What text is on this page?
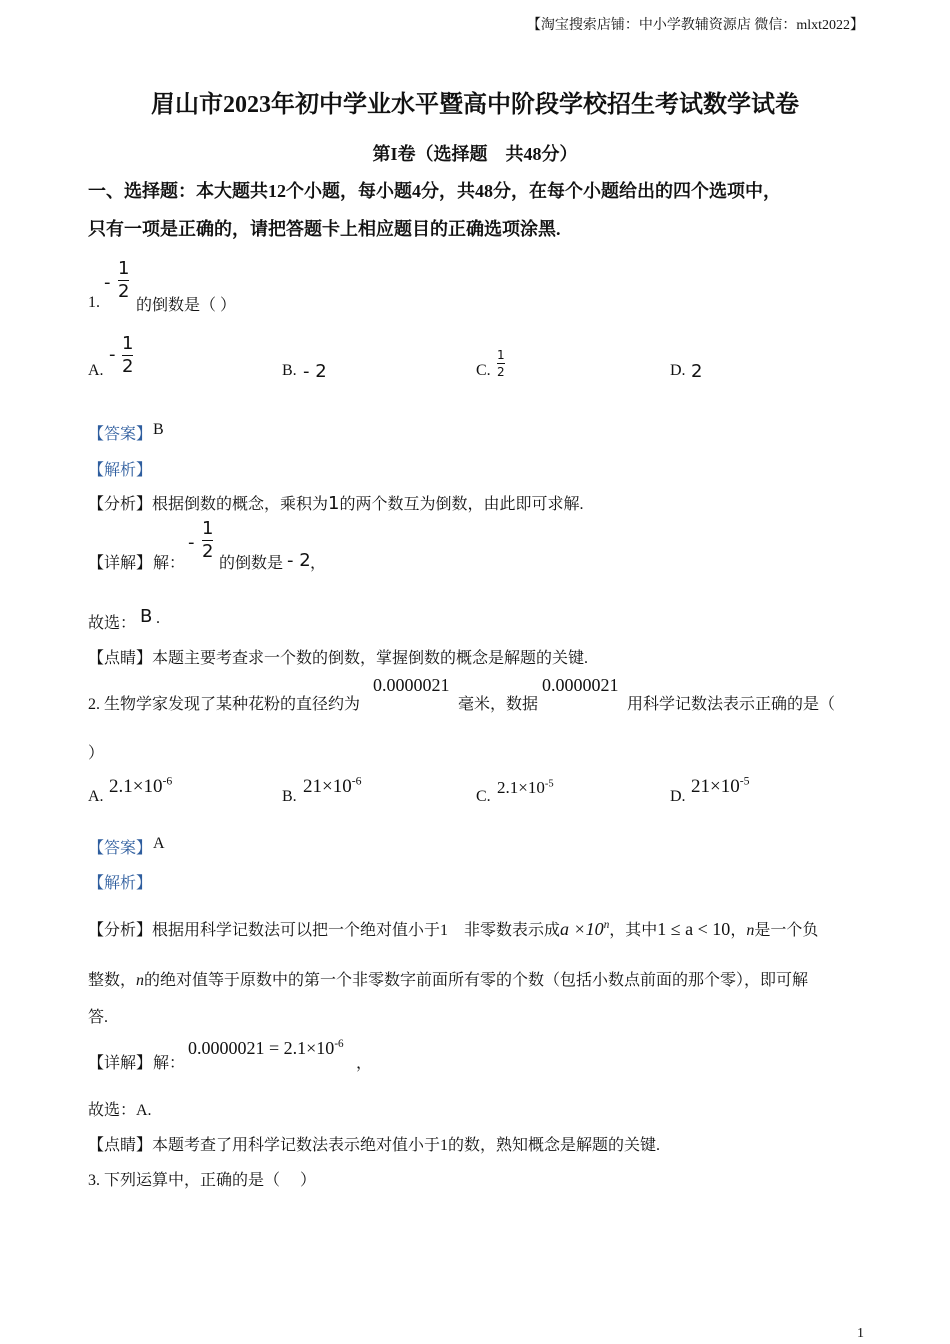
【淘宝搜索店铺：中小学教辅资源店 微信：mlxt2022】
眉山市2023年初中学业水平暨高中阶段学校招生考试数学试卷
第I卷（选择题　共48分）
一、选择题：本大题共12个小题，每小题4分，共48分，在每个小题给出的四个选项中，
只有一项是正确的，请把答题卡上相应题目的正确选项涂黑.
1.
-
1
2
的倒数是（ ）
A.
-
1
2	B. - 2	C.
1
2	D. 2
【答案】 B
【解析】
【分析】根据倒数的概念，乘积为1的两个数互为倒数，由此即可求解.
【详解】 解：
-
1
2
的倒数是 - 2 ，
故选： B .
【点睛】本题主要考查求一个数的倒数，掌握倒数的概念是解题的关键.
2. 生物学家发现了某种花粉的直径约为
0.0000021
毫米，数据
0.0000021
用科学记数法表示正确的是（
）
A. $2.1\times 10^{-6}$
B. $21\times 10^{-6}$
C. $2.1\times 10^{-5}$
D. $21\times 10^{-5}$
【答案】 A
【解析】
【分析】根据用科学记数法可以把一个绝对值小于1　非零数表示成$a \times 10^n$，其中1 ≤ a < 10，n是一个负
整数，n的绝对值等于原数中的第一个非零数字前面所有零的个数（包括小数点前面的那个零），即可解
答.
【详解】 解：
$0.0000021 = 2.1\times 10^{-6}$
，
故选：A.
【点睛】本题考查了用科学记数法表示绝对值小于1的数，熟知概念是解题的关键.
3. 下列运算中，正确的是（　 ）
1
